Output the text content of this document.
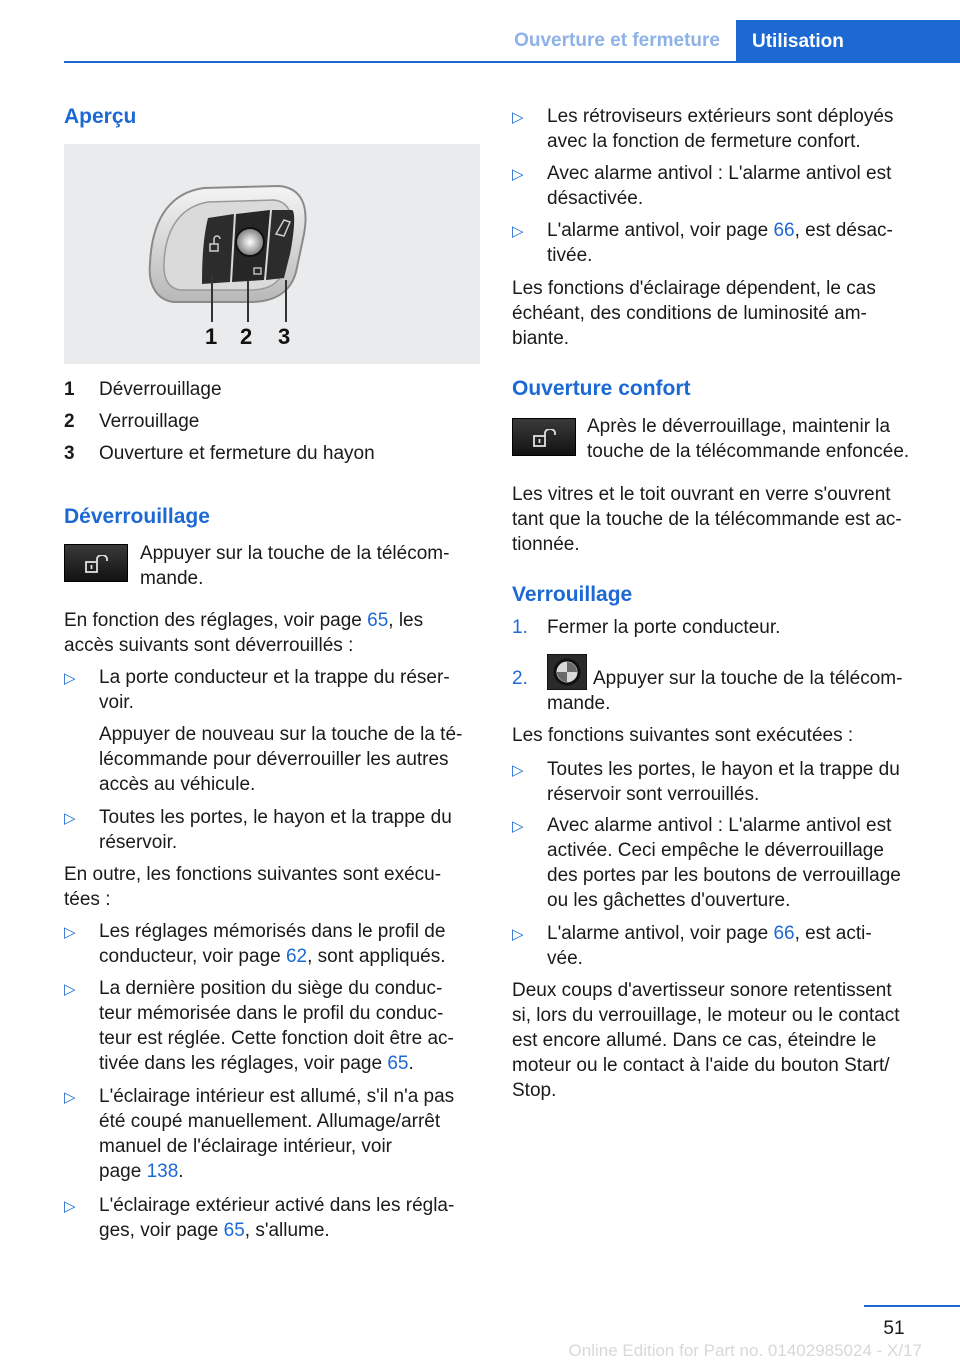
Ouverture et fermeture	Utilisation
Aperçu
1 2 3
1 Déverrouillage
2 Verrouillage
3 Ouverture et fermeture du hayon
Déverrouillage
Appuyer sur la touche de la télécom‐
mande.
En fonction des réglages, voir page 65, les
accès suivants sont déverrouillés :
▷	La porte conducteur et la trappe du réser‐
voir.
Appuyer de nouveau sur la touche de la té‐
lécommande pour déverrouiller les autres
accès au véhicule.
▷	Toutes les portes, le hayon et la trappe du
réservoir.
En outre, les fonctions suivantes sont exécu‐
tées :
▷	Les réglages mémorisés dans le profil de
conducteur, voir page 62, sont appliqués.
▷	La dernière position du siège du conduc‐
teur mémorisée dans le profil du conduc‐
teur est réglée. Cette fonction doit être ac‐
tivée dans les réglages, voir page 65.
▷	L'éclairage intérieur est allumé, s'il n'a pas
été coupé manuellement. Allumage/arrêt
manuel de l'éclairage intérieur, voir
page 138.
▷	L'éclairage extérieur activé dans les régla‐
ges, voir page 65, s'allume.
▷	Les rétroviseurs extérieurs sont déployés
avec la fonction de fermeture confort.
▷	Avec alarme antivol : L'alarme antivol est
désactivée.
▷	L'alarme antivol, voir page 66, est désac‐
tivée.
Les fonctions d'éclairage dépendent, le cas
échéant, des conditions de luminosité am‐
biante.
Ouverture confort
Après le déverrouillage, maintenir la
touche de la télécommande enfoncée.
Les vitres et le toit ouvrant en verre s'ouvrent
tant que la touche de la télécommande est ac‐
tionnée.
Verrouillage
1. Fermer la porte conducteur.
2.	Appuyer sur la touche de la télécom‐
mande.
Les fonctions suivantes sont exécutées :
▷	Toutes les portes, le hayon et la trappe du
réservoir sont verrouillés.
▷	Avec alarme antivol : L'alarme antivol est
activée. Ceci empêche le déverrouillage
des portes par les boutons de verrouillage
ou les gâchettes d'ouverture.
▷	L'alarme antivol, voir page 66, est acti‐
vée.
Deux coups d'avertisseur sonore retentissent
si, lors du verrouillage, le moteur ou le contact
est encore allumé. Dans ce cas, éteindre le
moteur ou le contact à l'aide du bouton Start/
Stop.
51
Online Edition for Part no. 01402985024 - X/17
